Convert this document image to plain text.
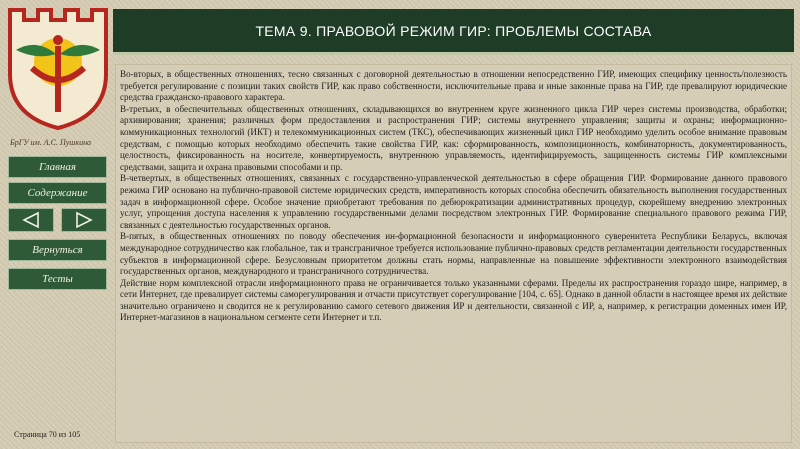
БрГУ им. А.С. Пушкина
Главная
Содержание
Вернуться
Тесты
Страница 70 из 105
ТЕМА 9. ПРАВОВОЙ РЕЖИМ ГИР: ПРОБЛЕМЫ СОСТАВА

Во-вторых, в общественных отношениях, тесно связанных с договорной деятельностью в отношении непосредственно ГИР, имеющих специфику ценность/полезность требуется регулирование с позиции таких свойств ГИР, как право собственности, исключительные права и иные законные права на ГИР, где превалируют юридические средства гражданско-правового характера.

В-третьих, в обеспечительных общественных отношениях, складывающихся во внутреннем круге жизненного цикла ГИР через системы производства, обработки; архивирования; хранения; различных форм предоставления и распространения ГИР; системы внутреннего управления; защиты и охраны; информационно-коммуникационных технологий (ИКТ) и телекоммуникационных систем (ТКС), обеспечивающих жизненный цикл ГИР необходимо уделить особое внимание правовым средствам, с помощью которых необходимо обеспечить такие свойства ГИР, как: сформированность, композиционность, комбинаторность, документированность, целостность, фиксированность на носителе, конвертируемость, внутреннюю управляемость, идентифицируемость, защищенность системы ГИР комплексными средствами, защита и охрана правовыми способами и пр.

В-четвертых, в общественных отношениях, связанных с государственно-управленческой деятельностью в сфере обращения ГИР. Формирование данного правового режима ГИР основано на публично-правовой системе юридических средств, императивность которых способна обеспечить обязательность выполнения государственных задач в информационной сфере. Особое значение приобретают требования по дебюрократизации административных процедур, скорейшему внедрению электронных услуг, упрощения доступа населения к управлению государственными делами посредством электронных ГИР. Формирование специального правового режима ГИР, связанных с деятельностью государственных органов.

В-пятых, в общественных отношениях по поводу обеспечения ин-формационной безопасности и информационного суверенитета Республики Беларусь, включая международное сотрудничество как глобальное, так и трансграничное требуется использование публично-правовых средств регламентации деятельности государственных субъектов в информационной сфере. Безусловным приоритетом должны стать нормы, направленные на повышение эффективности электронного взаимодействия государственных органов, международного и трансграничного сотрудничества.

Действие норм комплексной отрасли информационного права не ограничивается только указанными сферами. Пределы их распространения гораздо шире, например, в сети Интернет, где превалирует системы саморегулирования и отчасти присутствует сорегулирование [104, с. 65]. Однако в данной области в настоящее время их действие значительно ограничено и сводится не к регулированию самого сетевого движения ИР и деятельности, связанной с ИР, а, например, к регистрации доменных имен ИР, Интернет-магазинов в национальном сегменте сети Интернет и т.п.
